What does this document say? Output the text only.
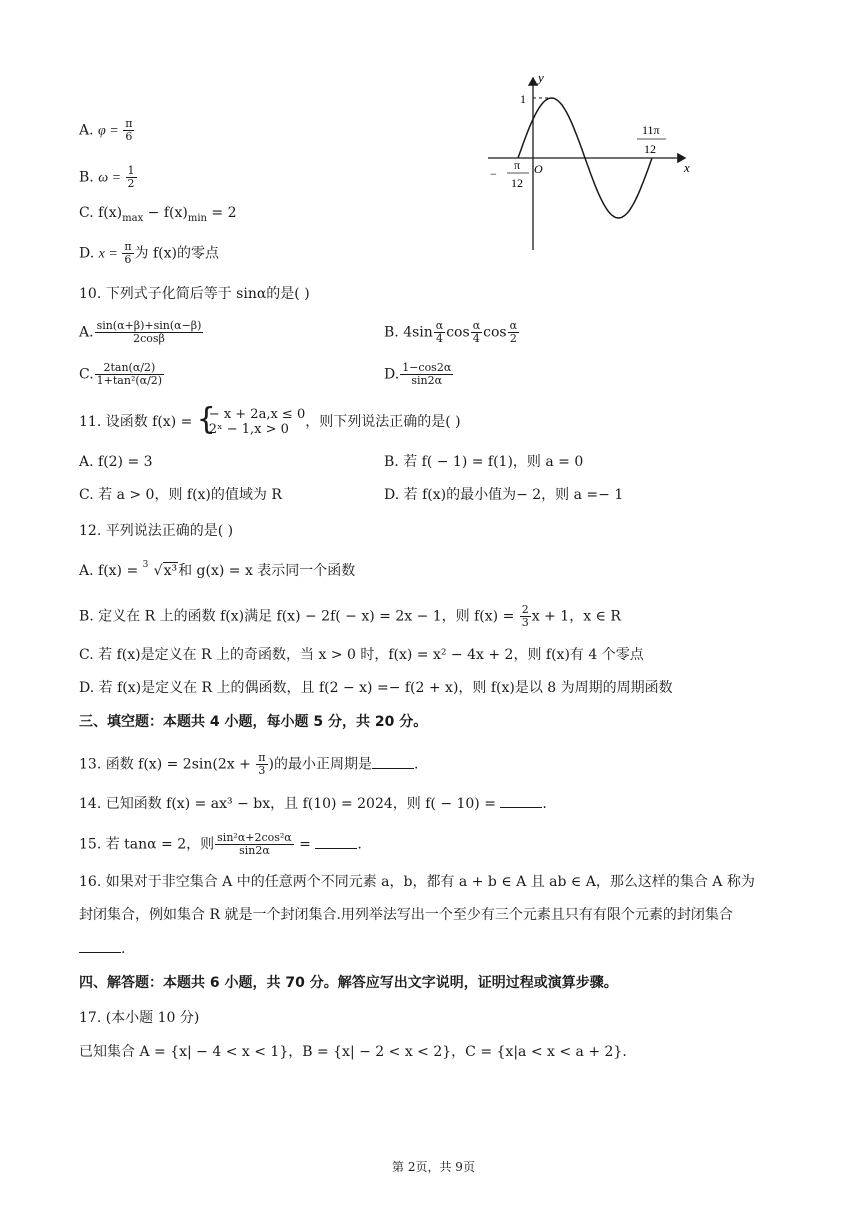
y
x
O
1
−
π
12
11π
12
A. $\varphi = \frac{\pi}{6}$
B. $\omega = \frac{1}{2}$
C. $f(x)_{max} - f(x)_{min} = 2$
D. $x = \frac{\pi}{6}$ 为 f(x)的零点
10. 下列式子化简后等于 sinα的是( )
A. $\frac{\sin(\alpha+\beta)+\sin(\alpha-\beta)}{2\cos\beta}$	B. $4\sin \frac{\alpha}{4}$ $\cos \frac{\alpha}{4}$ $\cos \frac{\alpha}{2}$
C. $\frac{2\tan(\alpha/2)}{\text{1+tan²(α/2)}}$	D. $\frac{1-\cos 2\alpha}{\sin 2\alpha}$
11. 设函数 f(x) = {
− x + 2a,x ≤ 0
2ˣ − 1,x > 0	，则下列说法正确的是( )
A. f(2) = 3	B. 若 f( − 1) = f(1)，则 a = 0
C. 若 a > 0，则 f(x)的值域为 R	D. 若 f(x)的最小值为− 2，则 a =− 1
12. 平列说法正确的是( )
A. f(x) = 3 √x³和 g(x) = x 表示同一个函数
B. 定义在 R 上的函数 f(x)满足 f(x) − 2f( − x) = 2x − 1，则 $f(x) = \frac{2}{3}$ x + 1，x ∈ R
C. 若 f(x)是定义在 R 上的奇函数，当 x > 0 时，f(x) = x² − 4x + 2，则 f(x)有 4 个零点
D. 若 f(x)是定义在 R 上的偶函数，且 f(2 − x) =− f(2 + x)，则 f(x)是以 8 为周期的周期函数
三、填空题：本题共 4 小题，每小题 5 分，共 20 分。
13. 函数 $f(x) = 2\sin(2x + \frac{\pi}{3}$ )的最小正周期是	.
14. 已知函数 f(x) = ax³ − bx，且 f(10) = 2024，则 f( − 10) =	.
15. 若 tanα = 2，则 $\frac{\text{sin²α+2cos²α}}{\sin 2\alpha}$ =	.
16. 如果对于非空集合 A 中的任意两个不同元素 a，b，都有 a + b ∈ A 且 ab ∈ A，那么这样的集合 A 称为
封闭集合，例如集合 R 就是一个封闭集合.用列举法写出一个至少有三个元素且只有有限个元素的封闭集合
.
四、解答题：本题共 6 小题，共 70 分。解答应写出文字说明，证明过程或演算步骤。
17. (本小题 10 分)
已知集合 A = {x| − 4 < x < 1}，B = {x| − 2 < x < 2}，C = {x|a < x < a + 2}.
第 2页，共 9页
